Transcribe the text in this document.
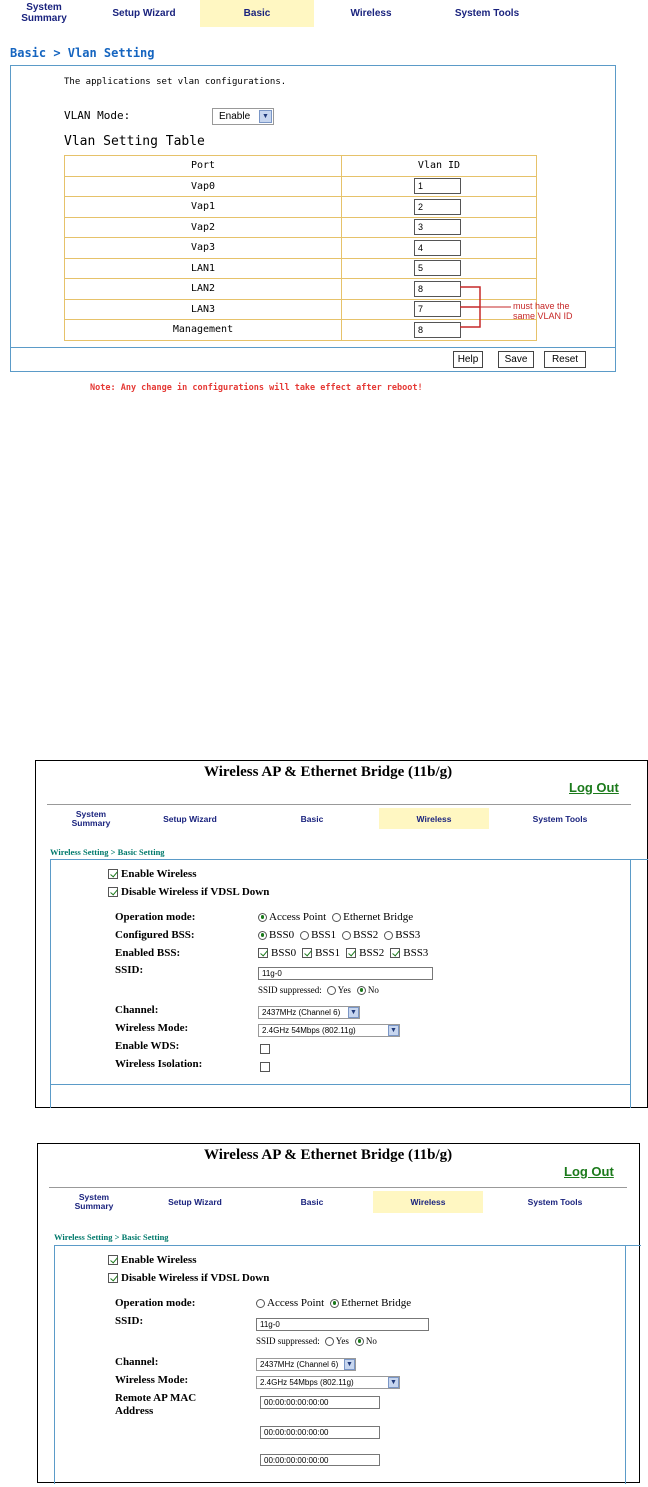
System
Summary	Setup Wizard	Basic	Wireless	System Tools
Basic > Vlan Setting
The applications set vlan configurations.
VLAN Mode:	Enable	▼
Vlan Setting Table
Port	Vlan ID
Vap0	1

Vap1	2

Vap2	3

Vap3	4

LAN1	5

LAN2	8

LAN3	7

Management	8
Help	Save	Reset
must have the
same VLAN ID
Note: Any change in configurations will take effect after reboot!
Wireless AP & Ethernet Bridge (11b/g)
Log Out
System
Summary	Setup Wizard	Basic	Wireless	System Tools
Wireless Setting > Basic Setting
Enable Wireless
Disable Wireless if VDSL Down
Operation mode:	Access Point Ethernet Bridge
Configured BSS:	BSS0 BSS1 BSS2 BSS3
Enabled BSS:	BSS0 BSS1 BSS2 BSS3
SSID:	11g-0
SSID suppressed: Yes No
Channel:	2437MHz (Channel 6) ▼
Wireless Mode:	2.4GHz 54Mbps (802.11g)	▼
Enable WDS:
Wireless Isolation:
Wireless AP & Ethernet Bridge (11b/g)
Log Out
System
Summary	Setup Wizard	Basic	Wireless	System Tools
Wireless Setting > Basic Setting
Enable Wireless
Disable Wireless if VDSL Down
Operation mode:	Access Point Ethernet Bridge
SSID:	11g-0
SSID suppressed: Yes No
Channel:	2437MHz (Channel 6) ▼
Wireless Mode:	2.4GHz 54Mbps (802.11g)	▼
Remote AP MAC
Address
00:00:00:00:00:00
00:00:00:00:00:00
00:00:00:00:00:00
